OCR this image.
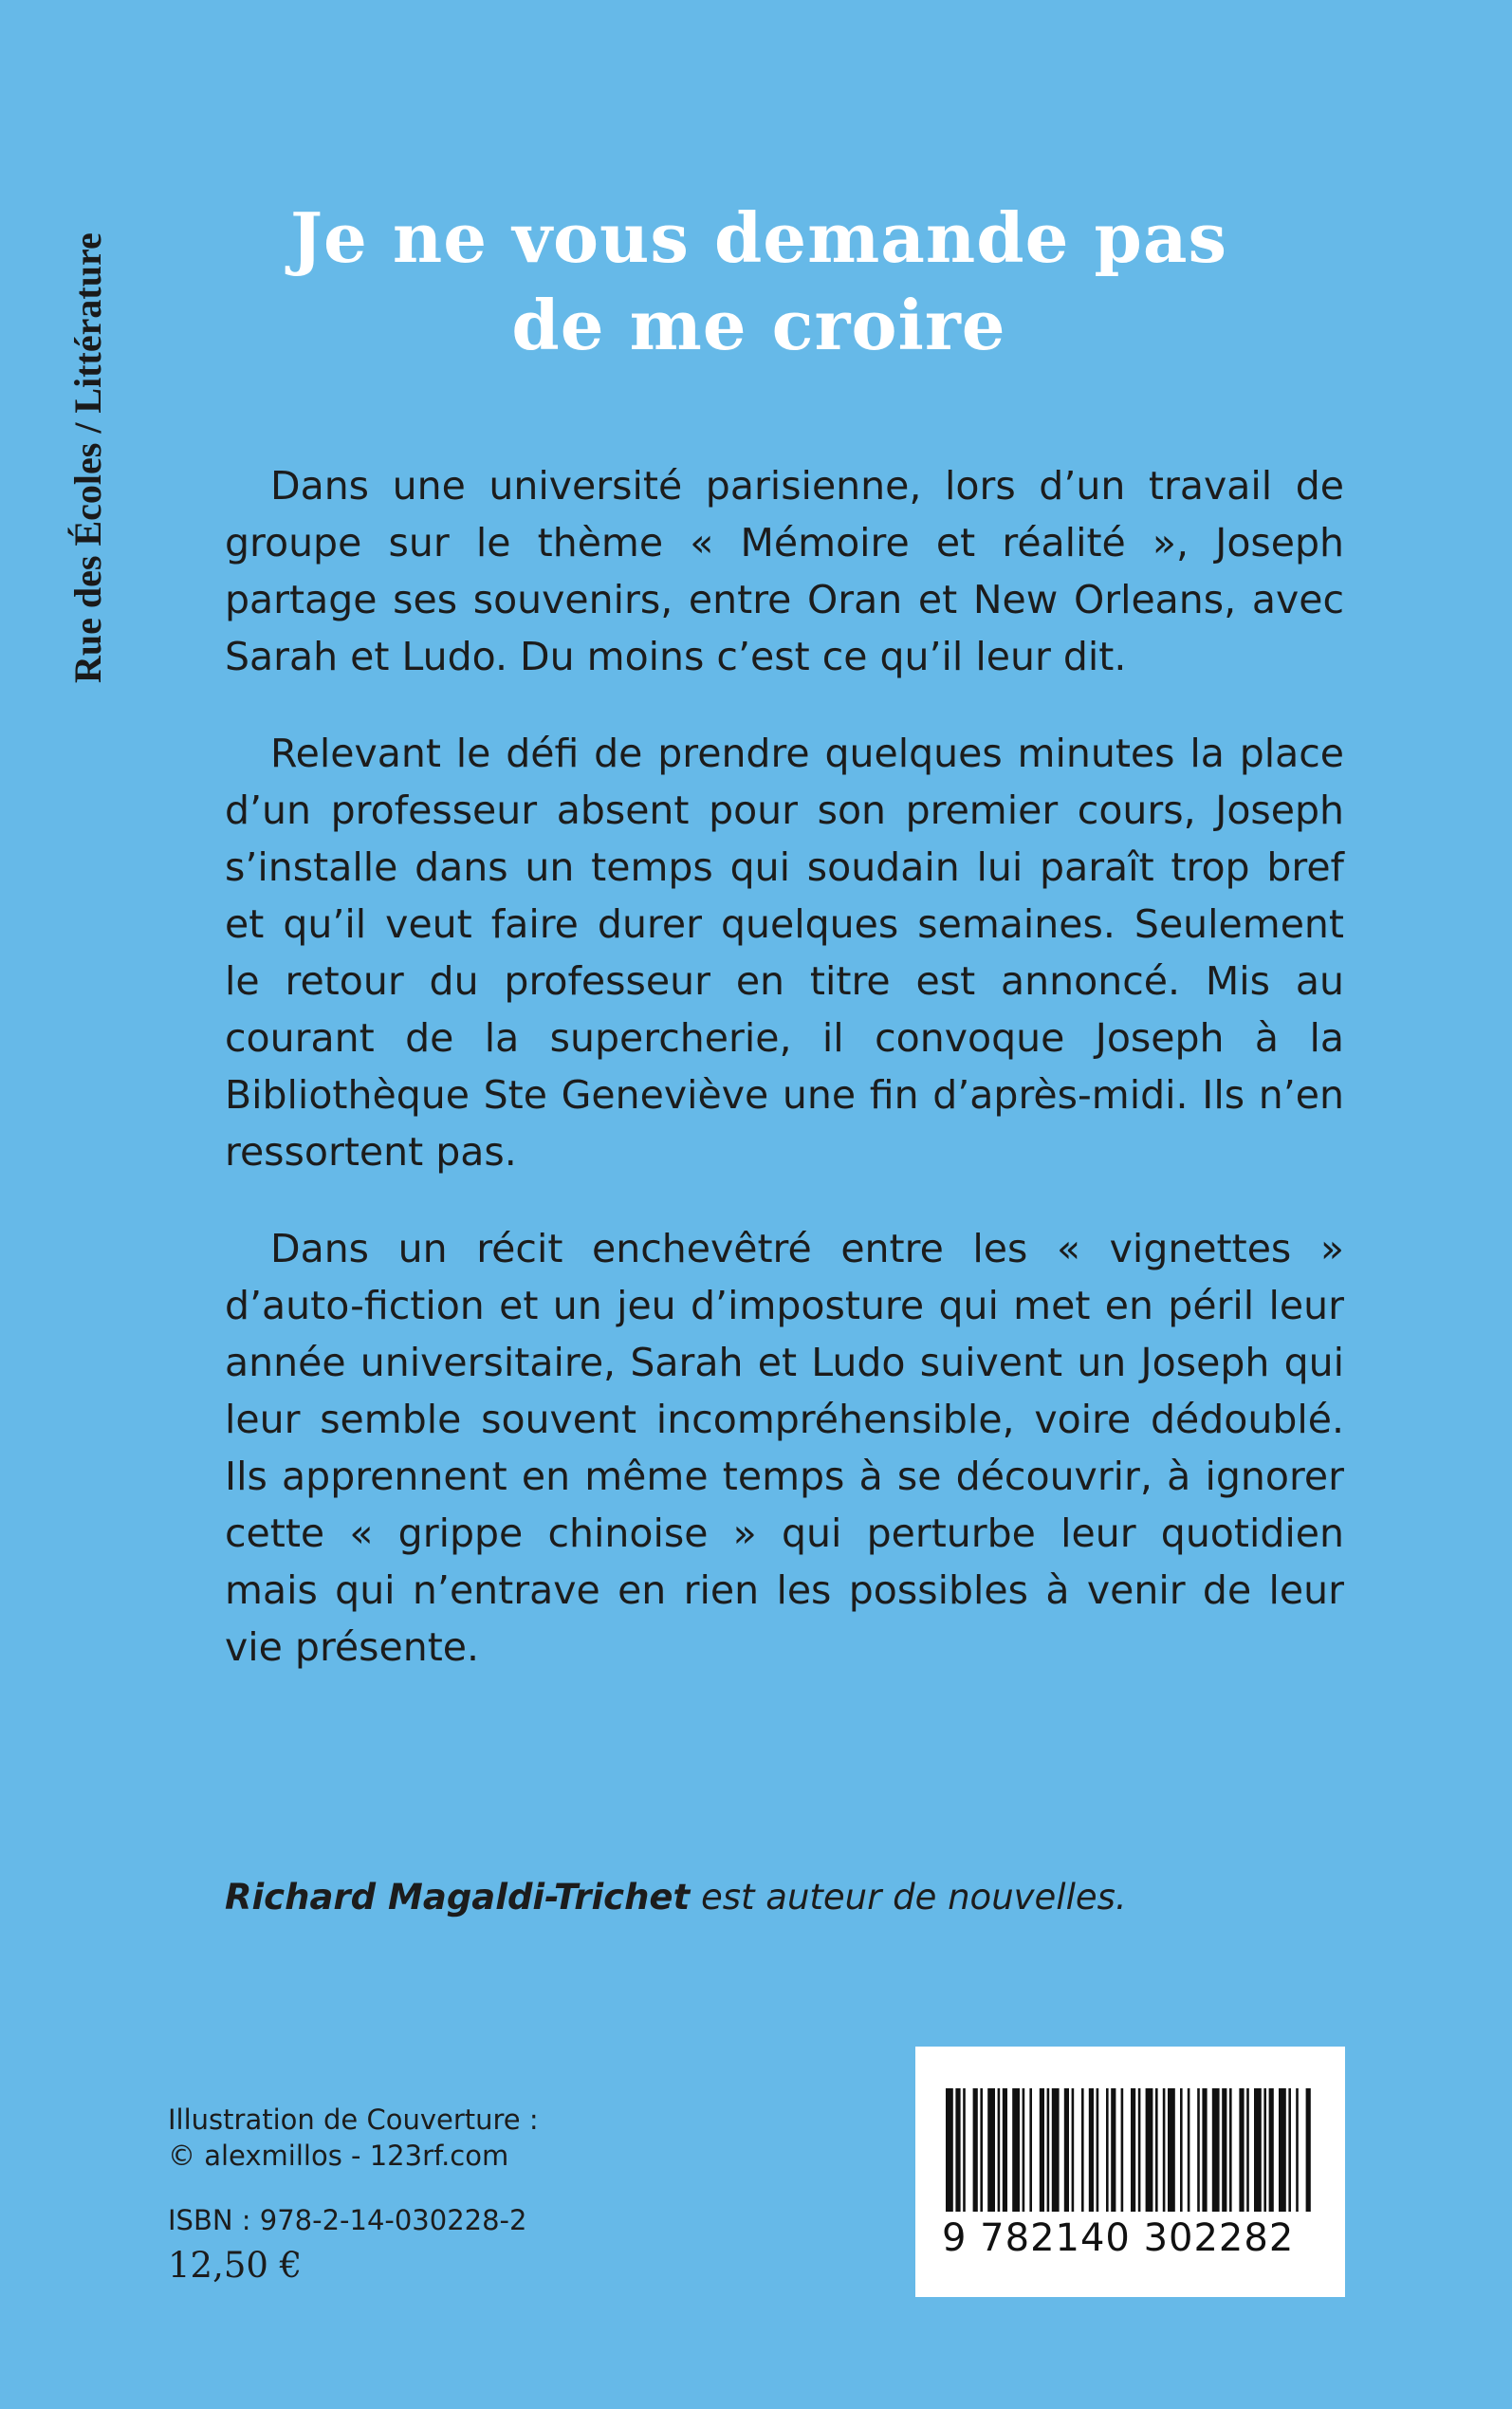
Rue des Écoles / Littérature	Je ne vous demande pas
de me croire

Dans une université parisienne, lors d’un travail de groupe sur le thème « Mémoire et réalité », Joseph partage ses souvenirs, entre Oran et New Orleans, avec Sarah et Ludo. Du moins c’est ce qu’il leur dit.

Relevant le défi de prendre quelques minutes la place d’un professeur absent pour son premier cours, Joseph s’installe dans un temps qui soudain lui paraît trop bref et qu’il veut faire durer quelques semaines. Seulement le retour du professeur en titre est annoncé. Mis au courant de la supercherie, il convoque Joseph à la Bibliothèque Ste Geneviève une fin d’après-midi. Ils n’en ressortent pas.

Dans un récit enchevêtré entre les « vignettes » d’auto-fiction et un jeu d’imposture qui met en péril leur année universitaire, Sarah et Ludo suivent un Joseph qui leur semble souvent incompréhensible, voire dédoublé. Ils apprennent en même temps à se découvrir, à ignorer cette « grippe chinoise » qui perturbe leur quotidien mais qui n’entrave en rien les possibles à venir de leur vie présente.

Richard Magaldi-Trichet est auteur de nouvelles.
Illustration de Couverture :
© alexmillos - 123rf.com
ISBN : 978-2-14-030228-2
12,50 €
9 782140 302282
